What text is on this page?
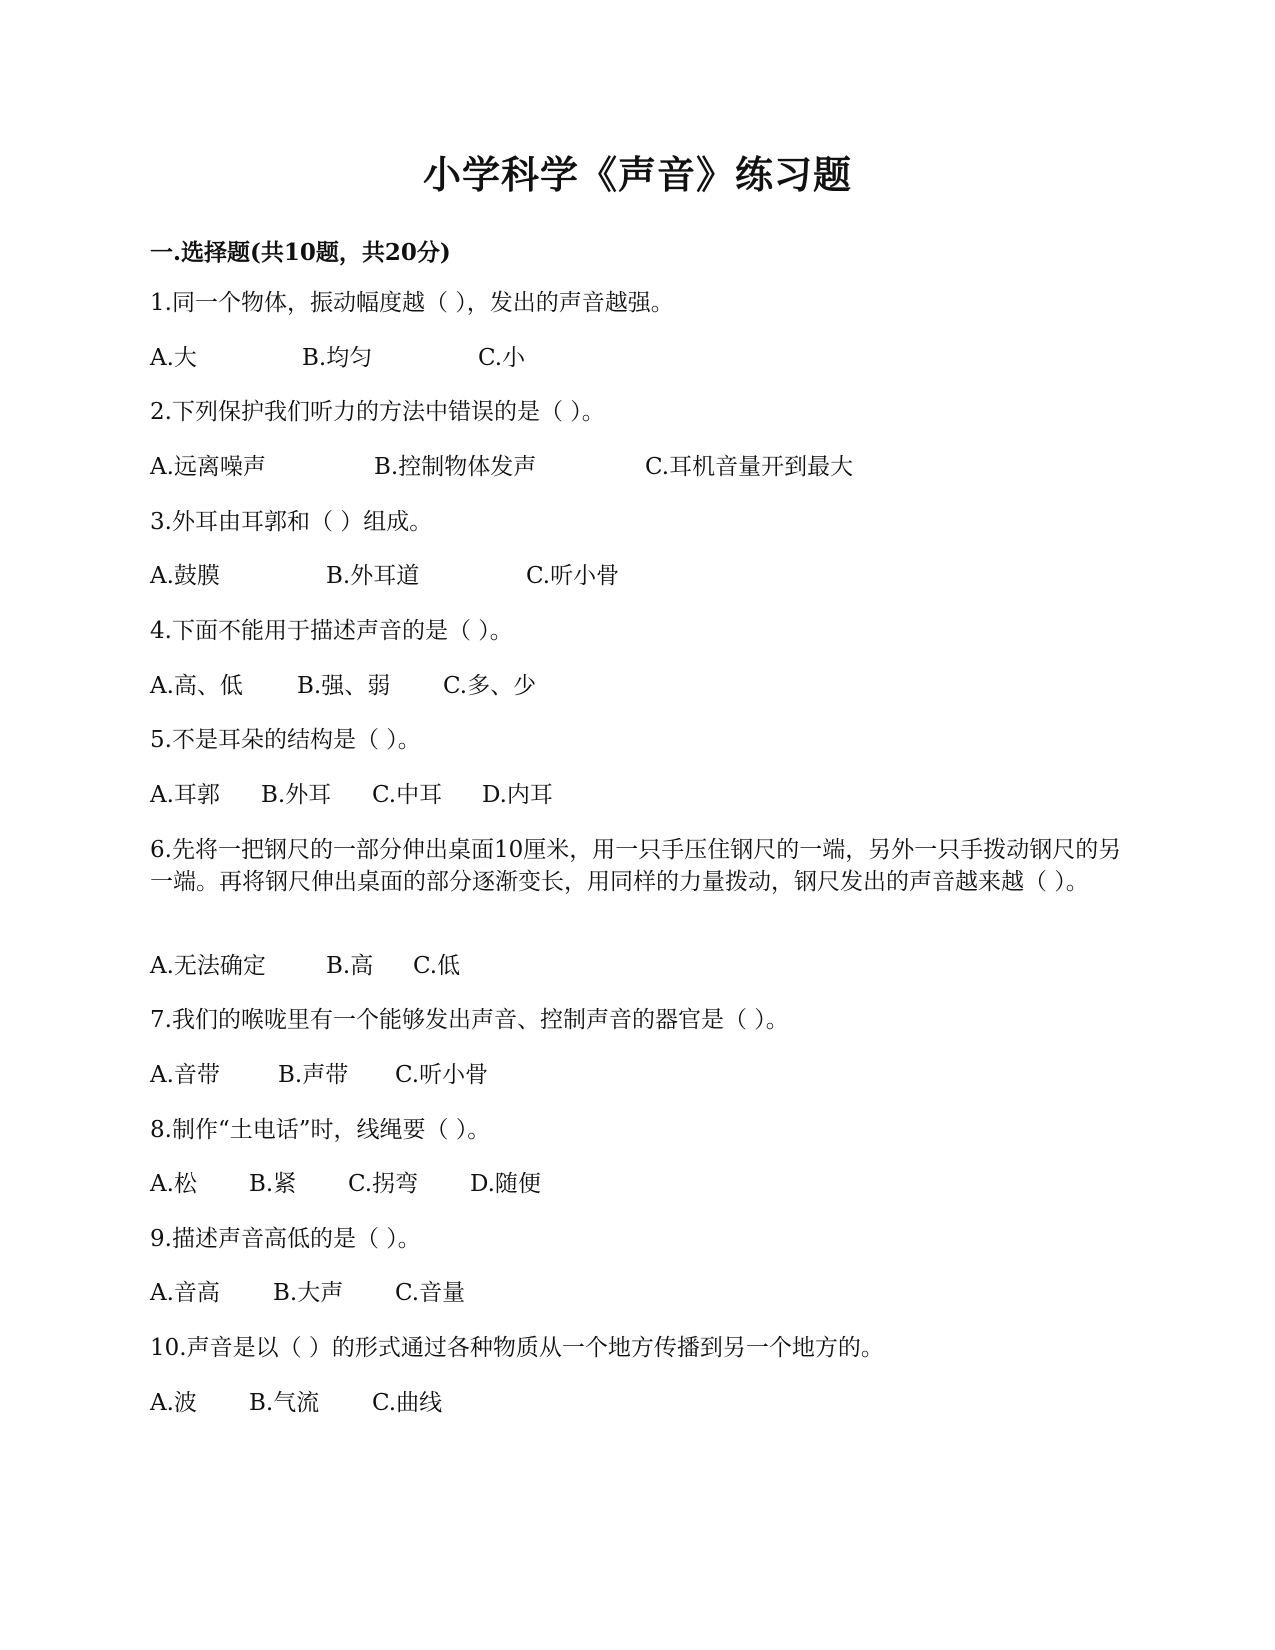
小学科学《声音》练习题
一.选择题(共10题，共20分)
1.同一个物体，振动幅度越（ ），发出的声音越强。
A.大	B.均匀	C.小
2.下列保护我们听力的方法中错误的是（ ）。
A.远离噪声	B.控制物体发声	C.耳机音量开到最大
3.外耳由耳郭和（ ）组成。
A.鼓膜	B.外耳道	C.听小骨
4.下面不能用于描述声音的是（ ）。
A.高、低 B.强、弱 C.多、少
5.不是耳朵的结构是（ ）。
A.耳郭 B.外耳 C.中耳 D.内耳
6.先将一把钢尺的一部分伸出桌面10厘米，用一只手压住钢尺的一端，另外一只手拨动钢尺的另一端。再将钢尺伸出桌面的部分逐渐变长，用同样的力量拨动，钢尺发出的声音越来越（ ）。
A.无法确定	B.高 C.低
7.我们的喉咙里有一个能够发出声音、控制声音的器官是（ ）。
A.音带	B.声带 C.听小骨
8.制作“土电话”时，线绳要（ ）。
A.松 B.紧 C.拐弯 D.随便
9.描述声音高低的是（ ）。
A.音高 B.大声 C.音量
10.声音是以（ ）的形式通过各种物质从一个地方传播到另一个地方的。
A.波 B.气流 C.曲线
